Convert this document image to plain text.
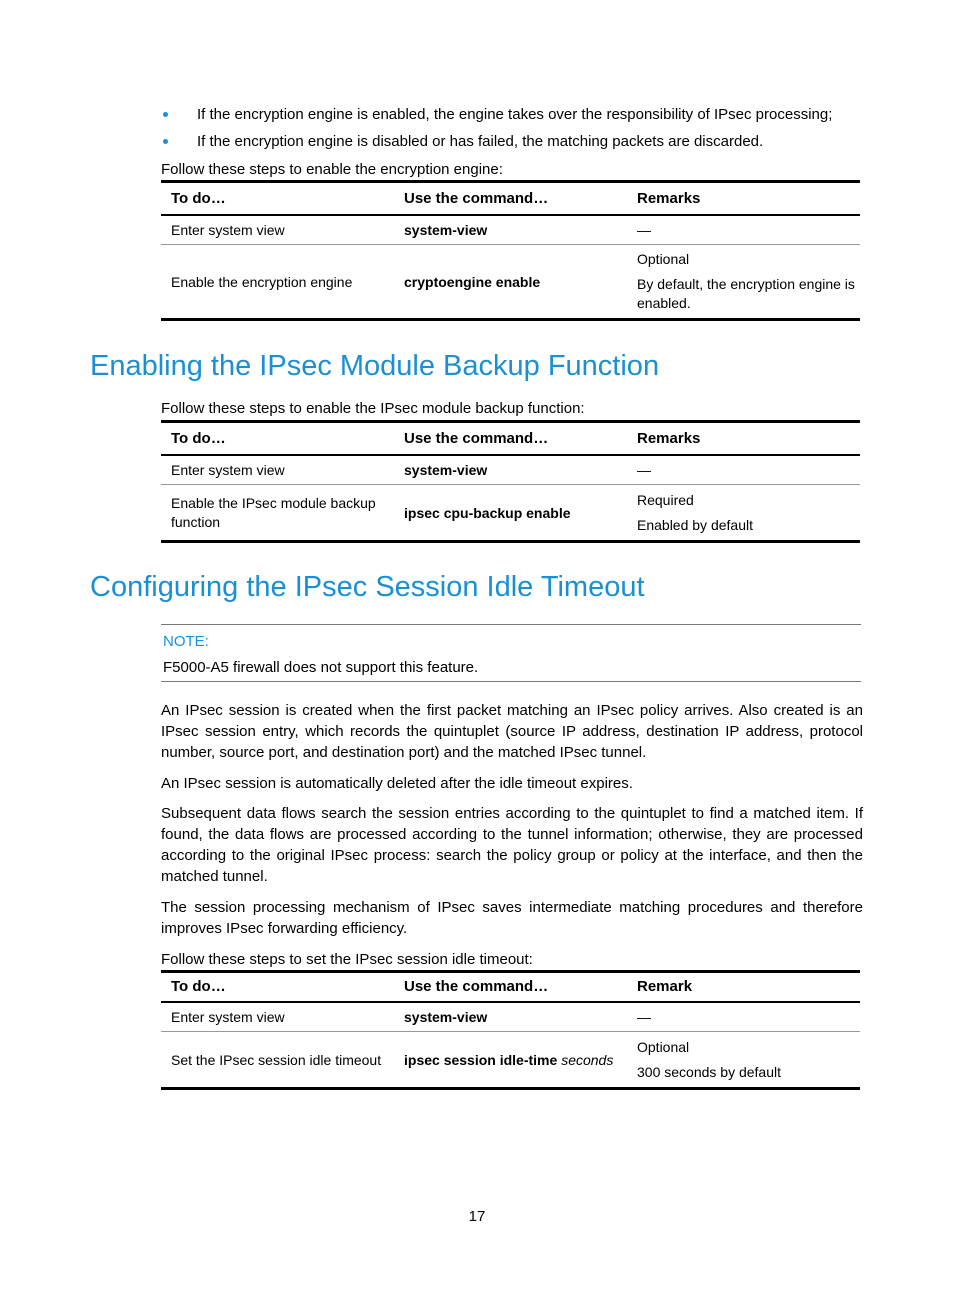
If the encryption engine is enabled, the engine takes over the responsibility of IPsec processing;
If the encryption engine is disabled or has failed, the matching packets are discarded.
Follow these steps to enable the encryption engine:
To do…	Use the command…	Remarks
Enter system view	system-view	—
Enable the encryption engine	cryptoengine enable	Optional
By default, the encryption engine is enabled.
Enabling the IPsec Module Backup Function
Follow these steps to enable the IPsec module backup function:
To do…	Use the command…	Remarks
Enter system view	system-view	—
Enable the IPsec module backup function	ipsec cpu-backup enable	Required
Enabled by default
Configuring the IPsec Session Idle Timeout
NOTE:
F5000-A5 firewall does not support this feature.
An IPsec session is created when the first packet matching an IPsec policy arrives. Also created is an IPsec session entry, which records the quintuplet (source IP address, destination IP address, protocol number, source port, and destination port) and the matched IPsec tunnel.
An IPsec session is automatically deleted after the idle timeout expires.
Subsequent data flows search the session entries according to the quintuplet to find a matched item. If found, the data flows are processed according to the tunnel information; otherwise, they are processed according to the original IPsec process: search the policy group or policy at the interface, and then the matched tunnel.
The session processing mechanism of IPsec saves intermediate matching procedures and therefore improves IPsec forwarding efficiency.
Follow these steps to set the IPsec session idle timeout:
To do…	Use the command…	Remark
Enter system view	system-view	—
Set the IPsec session idle timeout	ipsec session idle-time seconds	Optional
300 seconds by default
17
